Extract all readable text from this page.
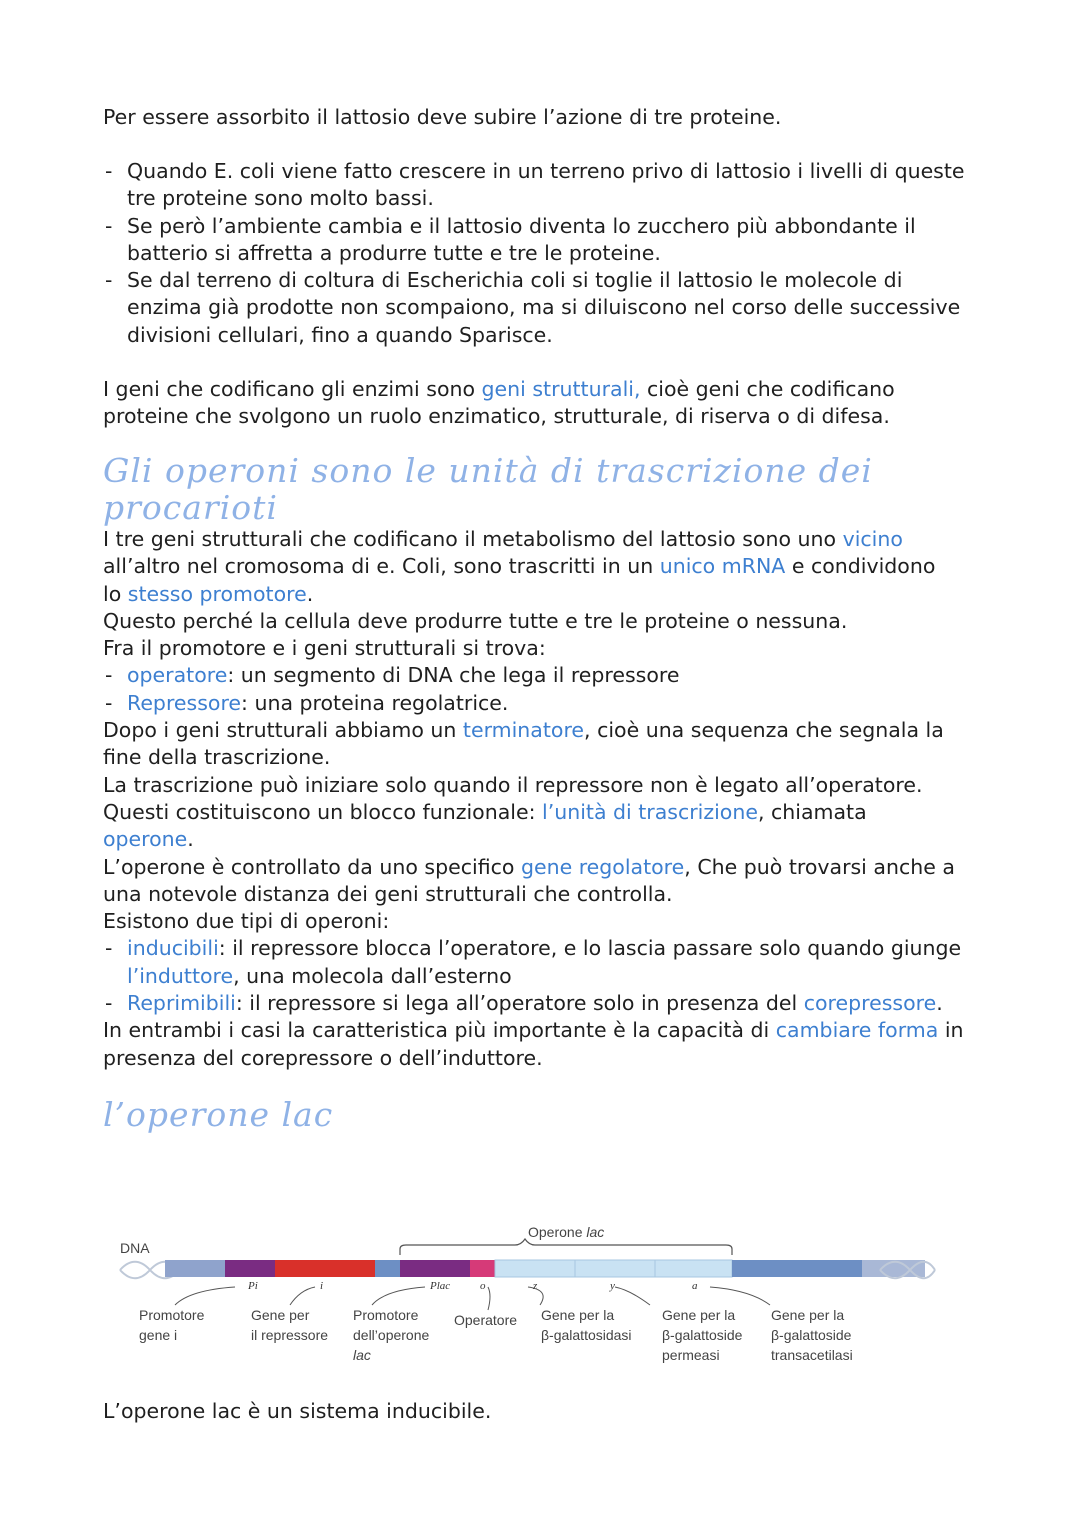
Per essere assorbito il lattosio deve subire l’azione di tre proteine.

- Quando E. coli viene fatto crescere in un terreno privo di lattosio i livelli di queste tre proteine sono molto bassi.
- Se però l’ambiente cambia e il lattosio diventa lo zucchero più abbondante il batterio si affretta a produrre tutte e tre le proteine.
- Se dal terreno di coltura di Escherichia coli si toglie il lattosio le molecole di enzima già prodotte non scompaiono, ma si diluiscono nel corso delle successive divisioni cellulari, fino a quando Sparisce.

I geni che codificano gli enzimi sono geni strutturali, cioè geni che codificano proteine che svolgono un ruolo enzimatico, strutturale, di riserva o di difesa.

Gli operoni sono le unità di trascrizione dei procarioti
I tre geni strutturali che codificano il metabolismo del lattosio sono uno vicino
all’altro nel cromosoma di e. Coli, sono trascritti in un unico mRNA e condividono
lo stesso promotore.
Questo perché la cellula deve produrre tutte e tre le proteine o nessuna.
Fra il promotore e i geni strutturali si trova:
- operatore: un segmento di DNA che lega il repressore
- Repressore: una proteina regolatrice.
Dopo i geni strutturali abbiamo un terminatore, cioè una sequenza che segnala la fine della trascrizione.
La trascrizione può iniziare solo quando il repressore non è legato all’operatore.
Questi costituiscono un blocco funzionale: l’unità di trascrizione, chiamata
operone.
L’operone è controllato da uno specifico gene regolatore, Che può trovarsi anche a una notevole distanza dei geni strutturali che controlla.
Esistono due tipi di operoni:
- inducibili: il repressore blocca l’operatore, e lo lascia passare solo quando giunge l’induttore, una molecola dall’esterno
- Reprimibili: il repressore si lega all’operatore solo in presenza del corepressore.
In entrambi i casi la caratteristica più importante è la capacità di cambiare forma in presenza del corepressore o dell’induttore.
l’operone lac
DNA
Operone lac
Pi	i	Plac	o	z	y	a
Promotore gene i
Gene per il repressore
Promotore dell’operone lac
Operatore Gene per la β-galattosidasi
Gene per la β-galattoside permeasi
Gene per la β-galattoside transacetilasi

L’operone lac è un sistema inducibile.
